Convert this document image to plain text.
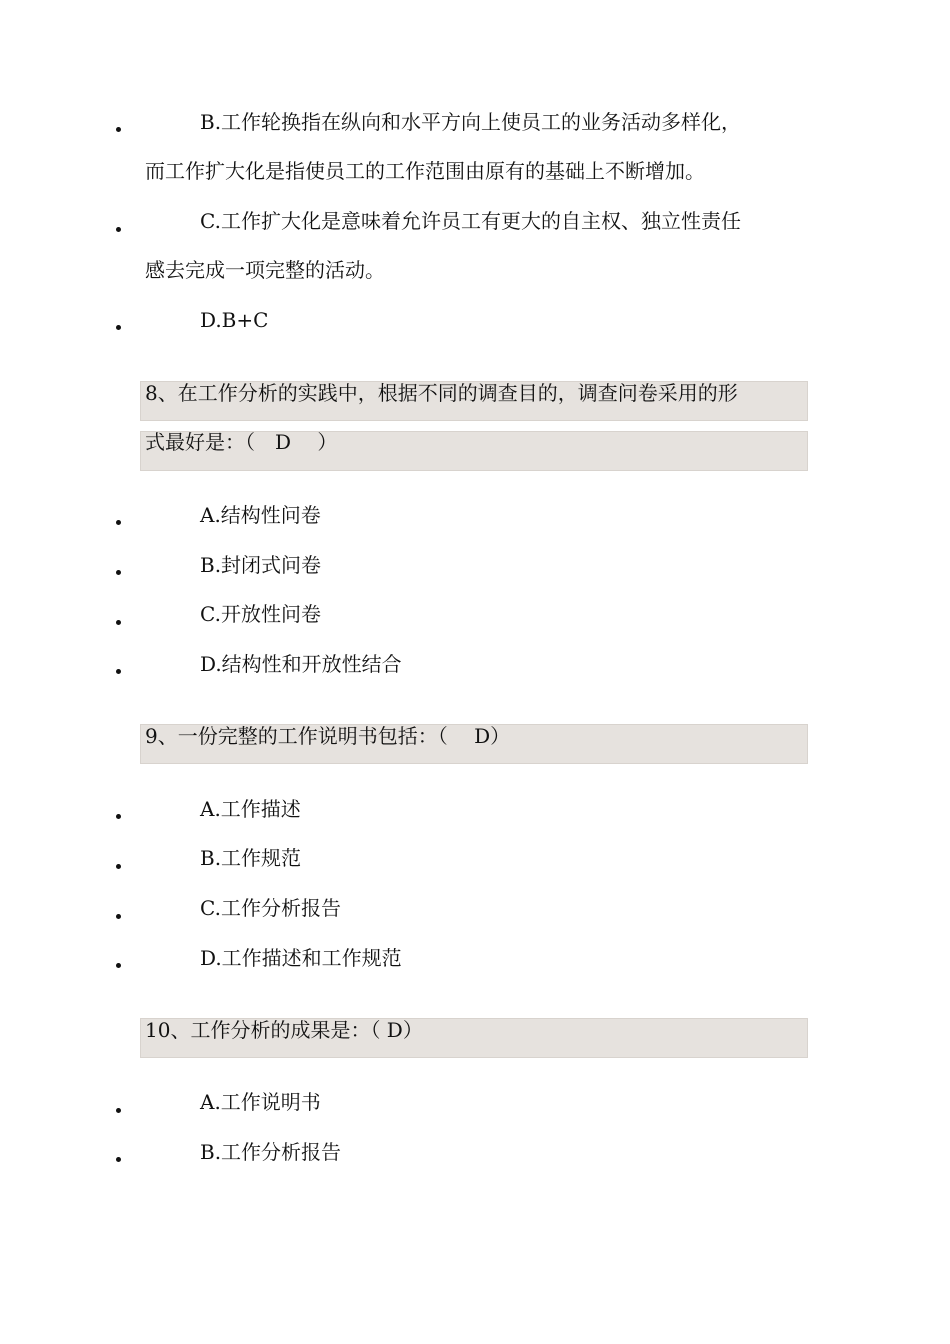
B.工作轮换指在纵向和水平方向上使员工的业务活动多样化，
而工作扩大化是指使员工的工作范围由原有的基础上不断增加。
C.工作扩大化是意味着允许员工有更大的自主权、独立性责任
感去完成一项完整的活动。
D.B+C
8、在工作分析的实践中，根据不同的调查目的，调查问卷采用的形
式最好是：（　D　 ）
A.结构性问卷
B.封闭式问卷
C.开放性问卷
D.结构性和开放性结合
9、一份完整的工作说明书包括：（　 D）
A.工作描述
B.工作规范
C.工作分析报告
D.工作描述和工作规范
10、工作分析的成果是：（ D）
A.工作说明书
B.工作分析报告
